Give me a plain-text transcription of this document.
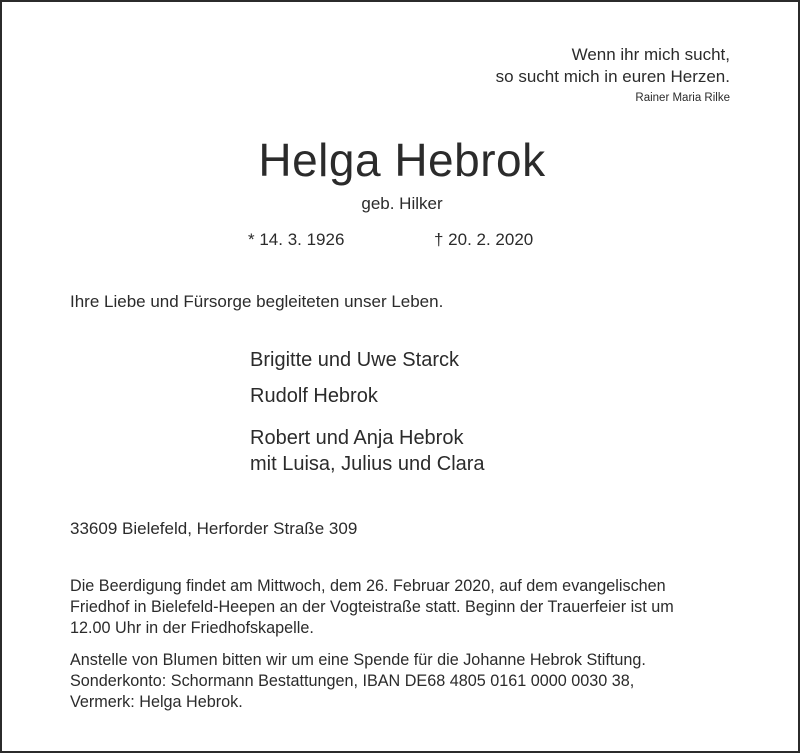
Wenn ihr mich sucht,
so sucht mich in euren Herzen.
Rainer Maria Rilke
Helga Hebrok
geb. Hilker
* 14. 3. 1926	† 20. 2. 2020
Ihre Liebe und Fürsorge begleiteten unser Leben.
Brigitte und Uwe Starck
Rudolf Hebrok
Robert und Anja Hebrok
mit Luisa, Julius und Clara
33609 Bielefeld, Herforder Straße 309
Die Beerdigung findet am Mittwoch, dem 26. Februar 2020, auf dem evangelischen
Friedhof in Bielefeld-Heepen an der Vogteistraße statt. Beginn der Trauerfeier ist um
12.00 Uhr in der Friedhofskapelle.
Anstelle von Blumen bitten wir um eine Spende für die Johanne Hebrok Stiftung.
Sonderkonto: Schormann Bestattungen, IBAN DE68 4805 0161 0000 0030 38,
Vermerk: Helga Hebrok.
